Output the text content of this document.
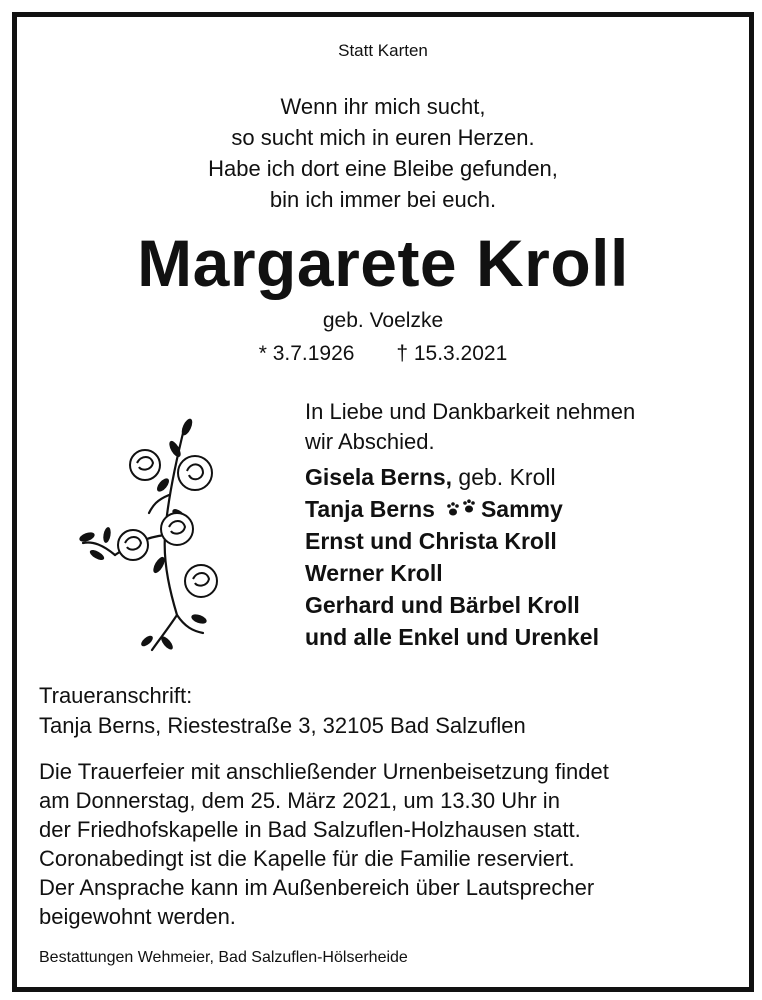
Statt Karten
Wenn ihr mich sucht,
so sucht mich in euren Herzen.
Habe ich dort eine Bleibe gefunden,
bin ich immer bei euch.
Margarete Kroll
geb. Voelzke
* 3.7.1926 † 15.3.2021
In Liebe und Dankbarkeit nehmen
wir Abschied.
Gisela Berns, geb. Kroll
Tanja Berns Sammy
Ernst und Christa Kroll
Werner Kroll
Gerhard und Bärbel Kroll
und alle Enkel und Urenkel
Traueranschrift:
Tanja Berns, Riestestraße 3, 32105 Bad Salzuflen
Die Trauerfeier mit anschließender Urnenbeisetzung findet
am Donnerstag, dem 25. März 2021, um 13.30 Uhr in
der Friedhofskapelle in Bad Salzuflen-Holzhausen statt.
Coronabedingt ist die Kapelle für die Familie reserviert.
Der Ansprache kann im Außenbereich über Lautsprecher
beigewohnt werden.
Bestattungen Wehmeier, Bad Salzuflen-Hölserheide
